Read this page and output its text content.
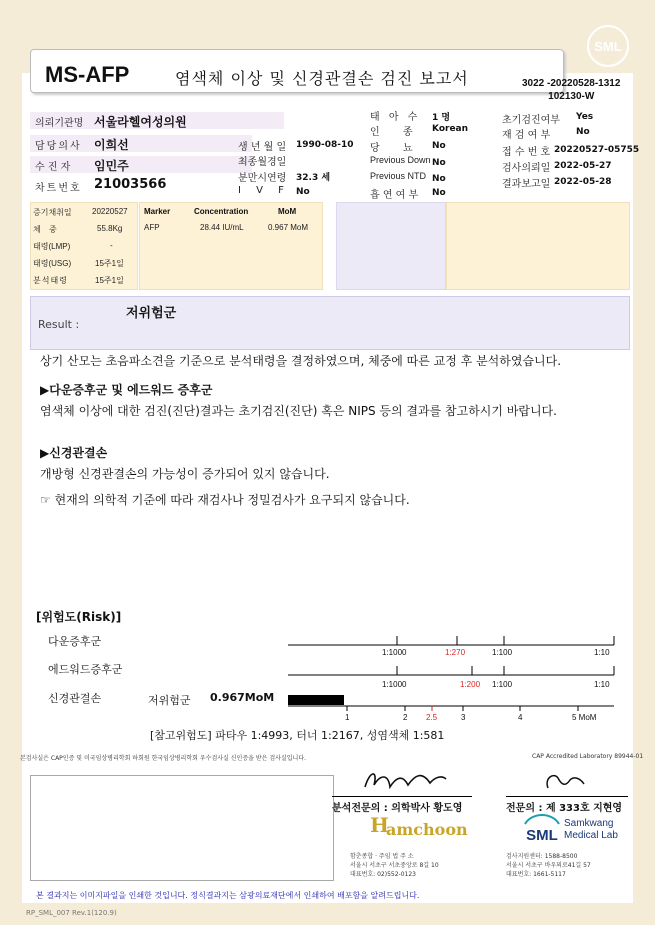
SML
MS-AFP	염색체 이상 및 신경관결손 검진 보고서	3022 -20220528-1312
102130-W
의뢰기관명 서울라헬여성의원
담당의사 이희선
수 진 자 임민주
차트번호 21003566
생 년 월 일 1990-08-10
최종월경일
분만시연령 32.3 세
I V F No
태 아 수 1 명
인 종 Korean
당 뇨 No
Previous Down No
Previous NTD No
흡 연 여 부 No
초기검진여부 Yes
재 검 여 부	No
접 수 번 호 20220527-05755
검사의뢰일 2022-05-27
결과보고일 2022-05-28
증기채취일	20220527
체 중	55.8Kg
태령(LMP)	-
태령(USG)	15주1일
분석태령	15주1일
Marker	Concentration	MoM
AFP	28.44 IU/mL	0.967 MoM
Result :
저위험군
상기 산모는 초음파소견을 기준으로 분석태령을 결정하였으며, 체중에 따른 교정 후 분석하였습니다.
▶다운증후군 및 에드워드 증후군
염색체 이상에 대한 검진(진단)결과는 초기검진(진단) 혹은 NIPS 등의 결과를 참고하시기 바랍니다.
▶신경관결손
개방형 신경관결손의 가능성이 증가되어 있지 않습니다.
☞ 현재의 의학적 기준에 따라 재검사나 정밀검사가 요구되지 않습니다.
[위험도(Risk)]
다운증후군
에드워드증후군
신경관결손	저위험군 0.967MoM
1:1000	1:270	1:100	1:10
1:1000	1:200 1:100	1:10
1	2 2.5	3	4	5 MoM
[참고위험도] 파타우 1:4993, 터너 1:2167, 성염색체 1:581
본검사실은 CAP인증 및 미국임상병리학회 하회원 한국임상병리학회 우수검사실 신인증을 받은 검사실입니다.	CAP Accredited Laboratory 89944-01
분석전문의 : 의학박사 황도영	전문의 : 제 333호 지현영
H
amchoon
함춘종합 · 주임 법 주 소
서울시 서초구 서초중앙로 8길 10
대표번호: 02)552-0123
SML
Samkwang
Medical Lab
검사지원센터: 1588-8500
서울시 서초구 바우뫼로41길 57
대표번호: 1661-5117
본 결과지는 이미지파일을 인쇄한 것입니다. 정식결과지는 삼광의료재단에서 인쇄하여 배포함을 알려드립니다.
RP_SML_007 Rev.1(120.9)
